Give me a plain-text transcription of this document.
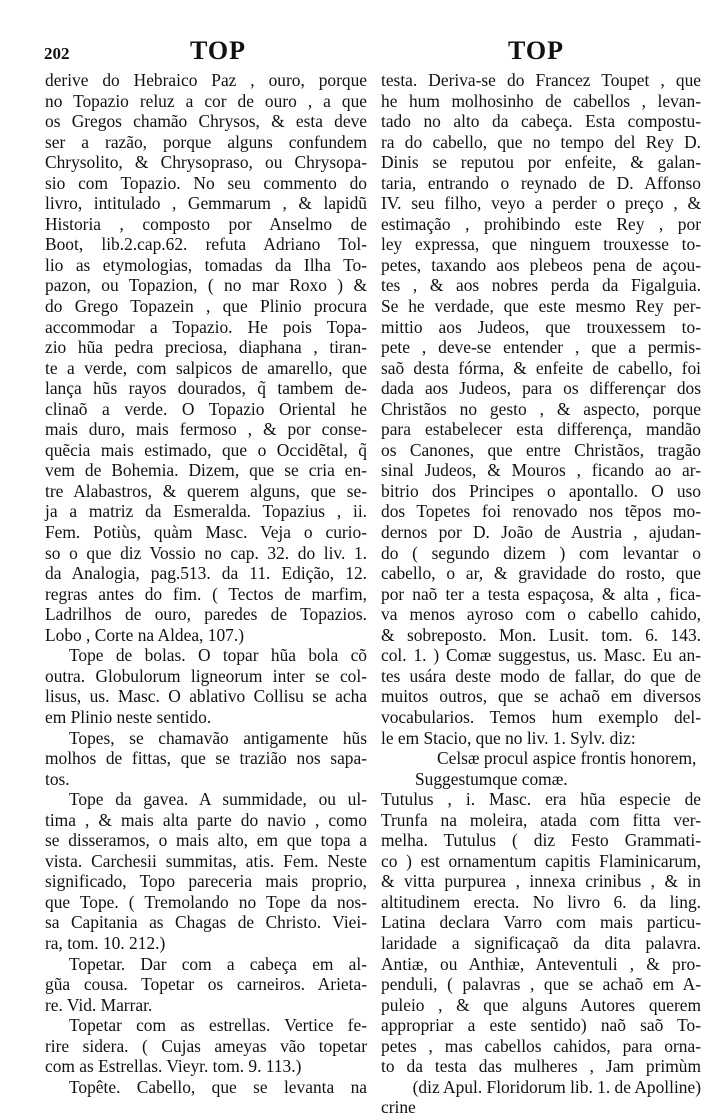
202	TOP	TOP
derive do Hebraico Paz , ouro, porque
no Topazio reluz a cor de ouro , a que
os Gregos chamão Chrysos, & esta deve
ser a razão, porque alguns confundem
Chrysolito, & Chrysopraso, ou Chrysopa-
sio com Topazio. No seu commento do
livro, intitulado , Gemmarum , & lapidũ
Historia , composto por Anselmo de
Boot, lib.2.cap.62. refuta Adriano Tol-
lio as etymologias, tomadas da Ilha To-
pazon, ou Topazion, ( no mar Roxo ) &
do Grego Topazein , que Plinio procura
accommodar a Topazio. He pois Topa-
zio hũa pedra preciosa, diaphana , tiran-
te a verde, com salpicos de amarello, que
lança hũs rayos dourados, q̃ tambem de-
clinaõ a verde. O Topazio Oriental he
mais duro, mais fermoso , & por conse-
quẽcia mais estimado, que o Occidẽtal, q̃
vem de Bohemia. Dizem, que se cria en-
tre Alabastros, & querem alguns, que se-
ja a matriz da Esmeralda. Topazius , ii.
Fem. Potiùs, quàm Masc. Veja o curio-
so o que diz Vossio no cap. 32. do liv. 1.
da Analogia, pag.513. da 11. Edição, 12.
regras antes do fim. ( Tectos de marfim,
Ladrilhos de ouro, paredes de Topazios.
Lobo , Corte na Aldea, 107.)
Tope de bolas. O topar hũa bola cõ
outra. Globulorum ligneorum inter se col-
lisus, us. Masc. O ablativo Collisu se acha
em Plinio neste sentido.
Topes, se chamavão antigamente hũs
molhos de fittas, que se trazião nos sapa-
tos.
Tope da gavea. A summidade, ou ul-
tima , & mais alta parte do navio , como
se disseramos, o mais alto, em que topa a
vista. Carchesii summitas, atis. Fem. Neste
significado, Topo pareceria mais proprio,
que Tope. ( Tremolando no Tope da nos-
sa Capitania as Chagas de Christo. Viei-
ra, tom. 10. 212.)
Topetar. Dar com a cabeça em al-
gũa cousa. Topetar os carneiros. Arieta-
re. Vid. Marrar.
Topetar com as estrellas. Vertice fe-
rire sidera. ( Cujas ameyas vão topetar
com as Estrellas. Vieyr. tom. 9. 113.)
Topête. Cabello, que se levanta na
testa. Deriva-se do Francez Toupet , que
he hum molhosinho de cabellos , levan-
tado no alto da cabeça. Esta compostu-
ra do cabello, que no tempo del Rey D.
Dinis se reputou por enfeite, & galan-
taria, entrando o reynado de D. Affonso
IV. seu filho, veyo a perder o preço , &
estimação , prohibindo este Rey , por
ley expressa, que ninguem trouxesse to-
petes, taxando aos plebeos pena de açou-
tes , & aos nobres perda da Figalguia.
Se he verdade, que este mesmo Rey per-
mittio aos Judeos, que trouxessem to-
pete , deve-se entender , que a permis-
saõ desta fórma, & enfeite de cabello, foi
dada aos Judeos, para os differençar dos
Christãos no gesto , & aspecto, porque
para estabelecer esta differença, mandão
os Canones, que entre Christãos, tragão
sinal Judeos, & Mouros , ficando ao ar-
bitrio dos Principes o apontallo. O uso
dos Topetes foi renovado nos tẽpos mo-
dernos por D. João de Austria , ajudan-
do ( segundo dizem ) com levantar o
cabello, o ar, & gravidade do rosto, que
por naõ ter a testa espaçosa, & alta , fica-
va menos ayroso com o cabello cahido,
& sobreposto. Mon. Lusit. tom. 6. 143.
col. 1. ) Comæ suggestus, us. Masc. Eu an-
tes usára deste modo de fallar, do que de
muitos outros, que se achaõ em diversos
vocabularios. Temos hum exemplo del-
le em Stacio, que no liv. 1. Sylv. diz:
Celsæ procul aspice frontis honorem,
Suggestumque comæ.
Tutulus , i. Masc. era hũa especie de
Trunfa na moleira, atada com fitta ver-
melha. Tutulus ( diz Festo Grammati-
co ) est ornamentum capitis Flaminicarum,
& vitta purpurea , innexa crinibus , & in
altitudinem erecta. No livro 6. da ling.
Latina declara Varro com mais particu-
laridade a significaçaõ da dita palavra.
Antiæ, ou Anthiæ, Anteventuli , & pro-
penduli, ( palavras , que se achaõ em A-
puleio , & que alguns Autores querem
appropriar a este sentido) naõ saõ To-
petes , mas cabellos cahidos, para orna-
to da testa das mulheres , Jam primùm
(diz Apul. Floridorum lib. 1. de Apolline)
crine
